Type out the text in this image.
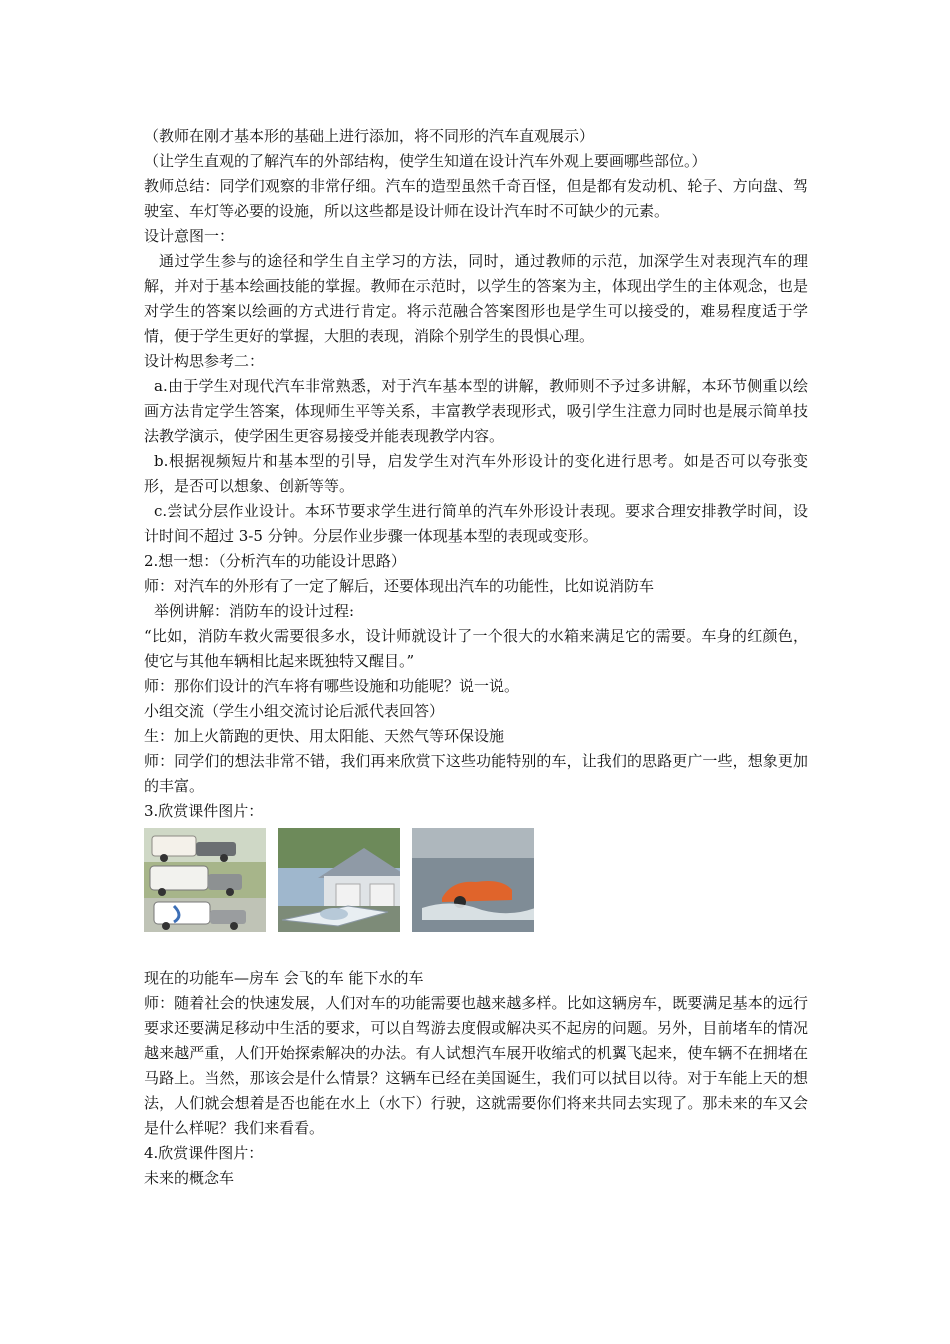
（教师在刚才基本形的基础上进行添加，将不同形的汽车直观展示）

（让学生直观的了解汽车的外部结构，使学生知道在设计汽车外观上要画哪些部位。）

教师总结：同学们观察的非常仔细。汽车的造型虽然千奇百怪，但是都有发动机、轮子、方向盘、驾驶室、车灯等必要的设施，所以这些都是设计师在设计汽车时不可缺少的元素。

设计意图一：

通过学生参与的途径和学生自主学习的方法，同时，通过教师的示范，加深学生对表现汽车的理解，并对于基本绘画技能的掌握。教师在示范时，以学生的答案为主，体现出学生的主体观念，也是对学生的答案以绘画的方式进行肯定。将示范融合答案图形也是学生可以接受的，难易程度适于学情，便于学生更好的掌握，大胆的表现，消除个别学生的畏惧心理。

设计构思参考二：

a.由于学生对现代汽车非常熟悉，对于汽车基本型的讲解，教师则不予过多讲解，本环节侧重以绘画方法肯定学生答案，体现师生平等关系，丰富教学表现形式，吸引学生注意力同时也是展示简单技法教学演示，使学困生更容易接受并能表现教学内容。

b.根据视频短片和基本型的引导，启发学生对汽车外形设计的变化进行思考。如是否可以夸张变形，是否可以想象、创新等等。

c.尝试分层作业设计。本环节要求学生进行简单的汽车外形设计表现。要求合理安排教学时间，设计时间不超过 3-5 分钟。分层作业步骤一体现基本型的表现或变形。

2.想一想：（分析汽车的功能设计思路）

师：对汽车的外形有了一定了解后，还要体现出汽车的功能性，比如说消防车

举例讲解：消防车的设计过程:

“比如，消防车救火需要很多水，设计师就设计了一个很大的水箱来满足它的需要。车身的红颜色，使它与其他车辆相比起来既独特又醒目。”

师：那你们设计的汽车将有哪些设施和功能呢？说一说。

小组交流（学生小组交流讨论后派代表回答）

生：加上火箭跑的更快、用太阳能、天然气等环保设施

师：同学们的想法非常不错，我们再来欣赏下这些功能特别的车，让我们的思路更广一些，想象更加的丰富。

3.欣赏课件图片：

现在的功能车—房车 会飞的车 能下水的车

师：随着社会的快速发展，人们对车的功能需要也越来越多样。比如这辆房车，既要满足基本的远行要求还要满足移动中生活的要求，可以自驾游去度假或解决买不起房的问题。另外，目前堵车的情况越来越严重，人们开始探索解决的办法。有人试想汽车展开收缩式的机翼飞起来，使车辆不在拥堵在马路上。当然，那该会是什么情景？这辆车已经在美国诞生，我们可以拭目以待。对于车能上天的想法，人们就会想着是否也能在水上（水下）行驶，这就需要你们将来共同去实现了。那未来的车又会是什么样呢？我们来看看。

4.欣赏课件图片：

未来的概念车
